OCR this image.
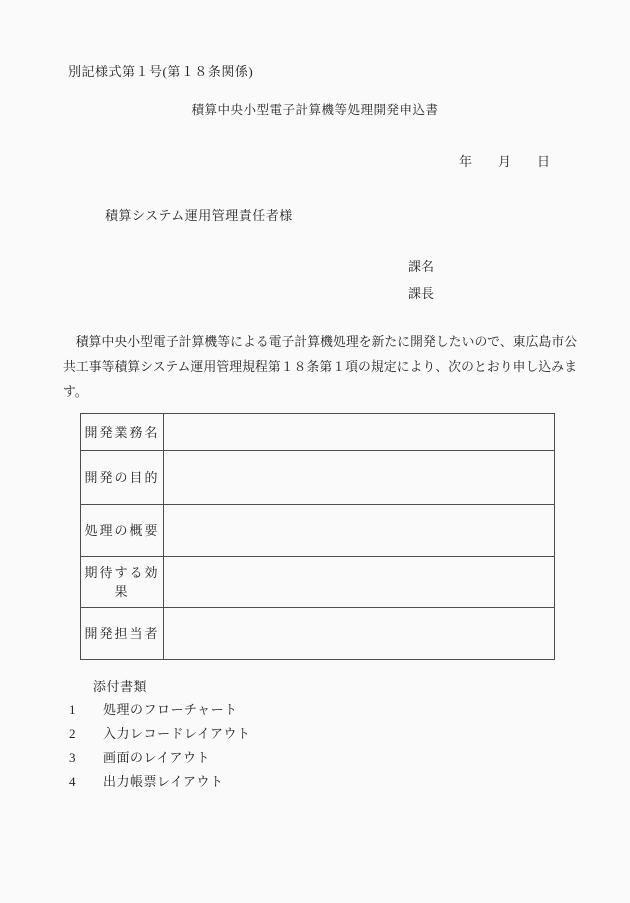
別記様式第１号(第１８条関係)
積算中央小型電子計算機等処理開発申込書
年　　月　　日
積算システム運用管理責任者様
課名
課長
積算中央小型電子計算機等による電子計算機処理を新たに開発したいので、東広島市公共工事等積算システム運用管理規程第１８条第１項の規定により、次のとおり申し込みます。
開発業務名
開発の目的
処理の概要
期待する効果
開発担当者
添付書類
1	処理のフローチャート
2	入力レコードレイアウト
3	画面のレイアウト
4	出力帳票レイアウト
